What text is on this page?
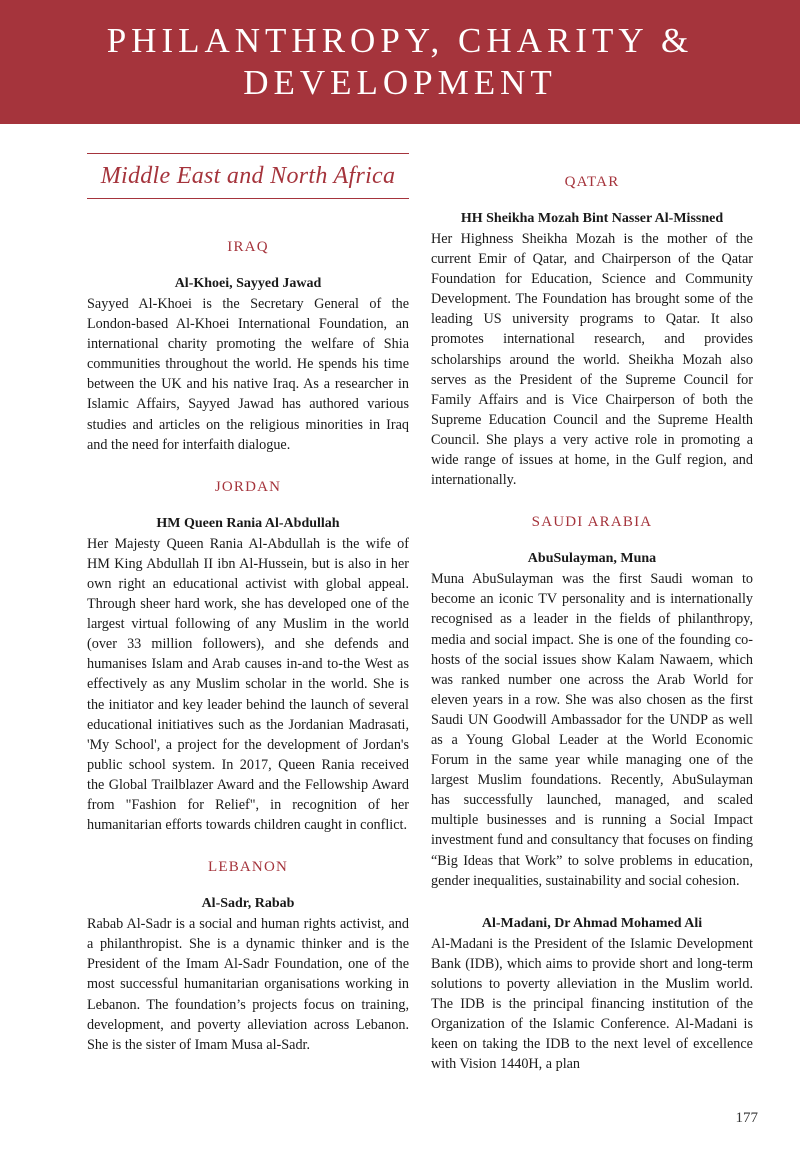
PHILANTHROPY, CHARITY &
DEVELOPMENT
Middle East and North Africa
IRAQ

Al-Khoei, Sayyed Jawad

Sayyed Al-Khoei is the Secretary General of the London-based Al-Khoei International Foundation, an international charity promoting the welfare of Shia communities throughout the world. He spends his time between the UK and his native Iraq. As a researcher in Islamic Affairs, Sayyed Jawad has authored various studies and articles on the religious minorities in Iraq and the need for interfaith dialogue.

JORDAN

HM Queen Rania Al-Abdullah

Her Majesty Queen Rania Al-Abdullah is the wife of HM King Abdullah II ibn Al-Hussein, but is also in her own right an educational activist with global appeal. Through sheer hard work, she has developed one of the largest virtual following of any Muslim in the world (over 33 million followers), and she defends and humanises Islam and Arab causes in-and to-the West as effectively as any Muslim scholar in the world. She is the initiator and key leader behind the launch of several educational initiatives such as the Jordanian Madrasati, 'My School', a project for the development of Jordan's public school system. In 2017, Queen Rania received the Global Trailblazer Award and the Fellowship Award from "Fashion for Relief", in recognition of her humanitarian efforts towards children caught in conflict.

LEBANON

Al-Sadr, Rabab

Rabab Al-Sadr is a social and human rights activist, and a philanthropist. She is a dynamic thinker and is the President of the Imam Al-Sadr Foundation, one of the most successful humanitarian organisations working in Lebanon. The foundation’s projects focus on training, development, and poverty alleviation across Lebanon. She is the sister of Imam Musa al-Sadr.

QATAR

HH Sheikha Mozah Bint Nasser Al-Missned

Her Highness Sheikha Mozah is the mother of the current Emir of Qatar, and Chairperson of the Qatar Foundation for Education, Science and Community Development. The Foundation has brought some of the leading US university programs to Qatar. It also promotes international research, and provides scholarships around the world. Sheikha Mozah also serves as the President of the Supreme Council for Family Affairs and is Vice Chairperson of both the Supreme Education Council and the Supreme Health Council. She plays a very active role in promoting a wide range of issues at home, in the Gulf region, and internationally.

SAUDI ARABIA

AbuSulayman, Muna

Muna AbuSulayman was the first Saudi woman to become an iconic TV personality and is internationally recognised as a leader in the fields of philanthropy, media and social impact. She is one of the founding co-hosts of the social issues show Kalam Nawaem, which was ranked number one across the Arab World for eleven years in a row. She was also chosen as the first Saudi UN Goodwill Ambassador for the UNDP as well as a Young Global Leader at the World Economic Forum in the same year while managing one of the largest Muslim foundations. Recently, AbuSulayman has successfully launched, managed, and scaled multiple businesses and is running a Social Impact investment fund and consultancy that focuses on finding “Big Ideas that Work” to solve problems in education, gender inequalities, sustainability and social cohesion.

Al-Madani, Dr Ahmad Mohamed Ali

Al-Madani is the President of the Islamic Development Bank (IDB), which aims to provide short and long-term solutions to poverty alleviation in the Muslim world. The IDB is the principal financing institution of the Organization of the Islamic Conference. Al-Madani is keen on taking the IDB to the next level of excellence with Vision 1440H, a plan

177
